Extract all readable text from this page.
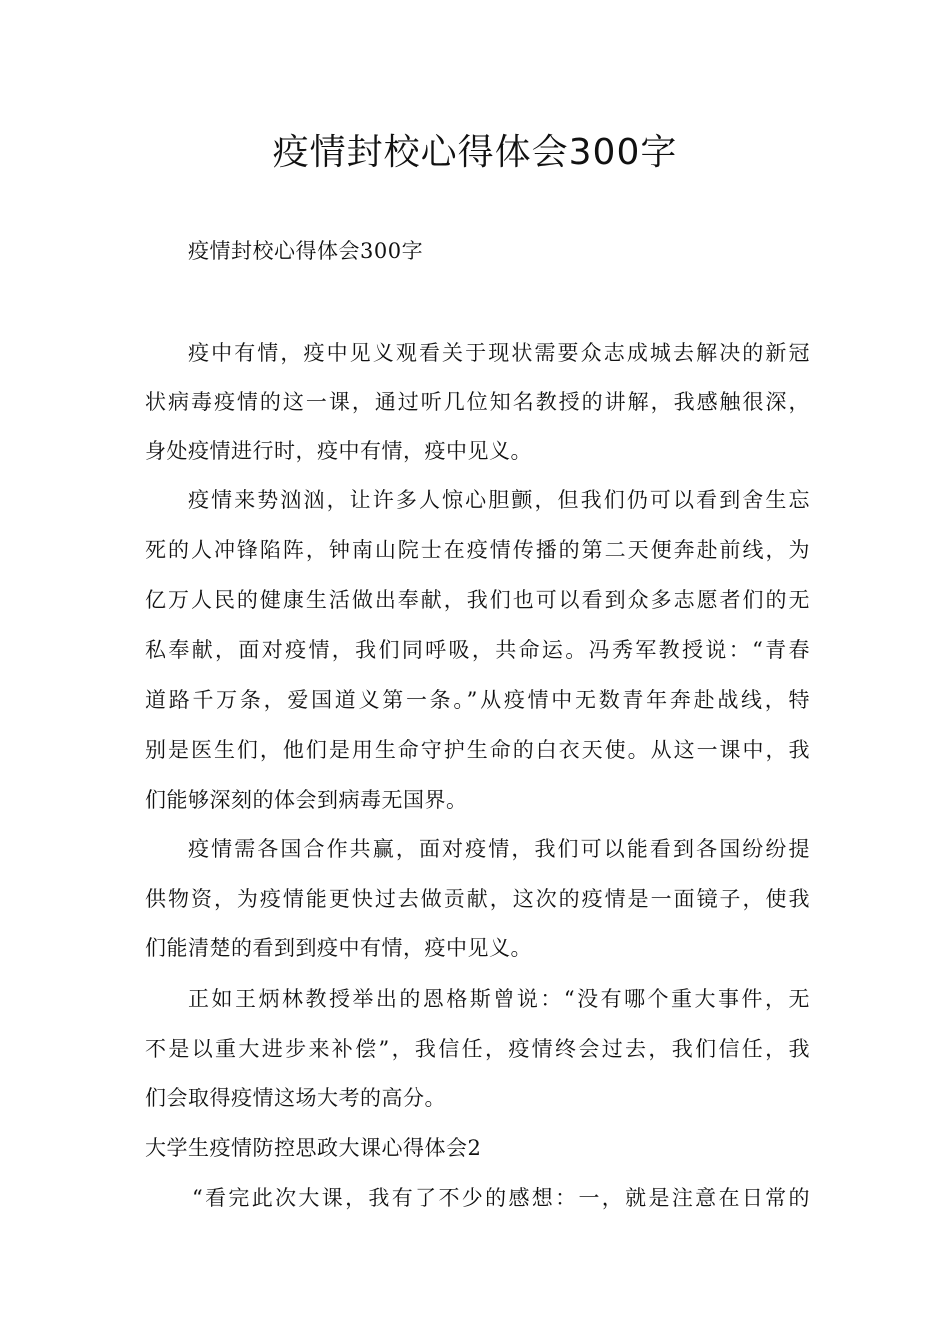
疫情封校心得体会300字
疫情封校心得体会300字
疫中有情，疫中见义观看关于现状需要众志成城去解决的新冠
状病毒疫情的这一课，通过听几位知名教授的讲解，我感触很深，
身处疫情进行时，疫中有情，疫中见义。
疫情来势汹汹，让许多人惊心胆颤，但我们仍可以看到舍生忘
死的人冲锋陷阵，钟南山院士在疫情传播的第二天便奔赴前线，为
亿万人民的健康生活做出奉献，我们也可以看到众多志愿者们的无
私奉献，面对疫情，我们同呼吸，共命运。冯秀军教授说：“青春
道路千万条，爱国道义第一条。”从疫情中无数青年奔赴战线，特
别是医生们，他们是用生命守护生命的白衣天使。从这一课中，我
们能够深刻的体会到病毒无国界。
疫情需各国合作共赢，面对疫情，我们可以能看到各国纷纷提
供物资，为疫情能更快过去做贡献，这次的疫情是一面镜子，使我
们能清楚的看到到疫中有情，疫中见义。
正如王炳林教授举出的恩格斯曾说：“没有哪个重大事件，无
不是以重大进步来补偿”，我信任，疫情终会过去，我们信任，我
们会取得疫情这场大考的高分。
大学生疫情防控思政大课心得体会2
“看完此次大课，我有了不少的感想：一，就是注意在日常的
